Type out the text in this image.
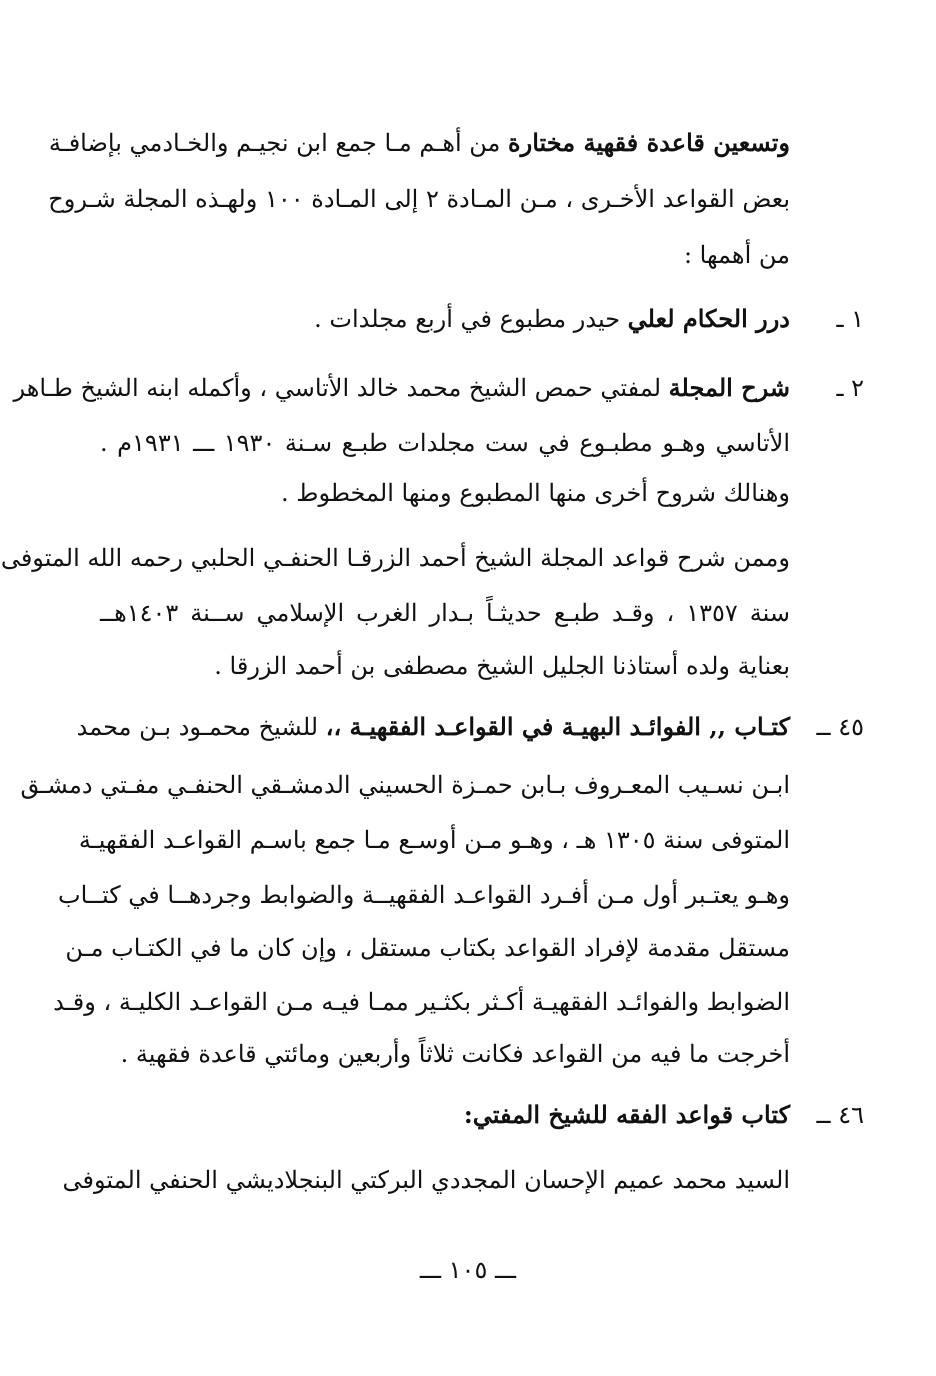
وتسعين قاعدة فقهية مختارة من أهـم مـا جمع ابن نجيـم والخـادمي بإضافـة
بعض القواعد الأخـرى ، مـن المـادة ٢ إلى المـادة ١٠٠ ولهـذه المجلة شـروح
من أهمها :
١ ـ
درر الحكام لعلي حيدر مطبوع في أربع مجلدات .
٢ ـ
شرح المجلة لمفتي حمص الشيخ محمد خالد الأتاسي ، وأكمله ابنه الشيخ طـاهر
الأتاسي وهـو مطبـوع في ست مجلدات طبـع سـنة ١٩٣٠ ـــ ١٩٣١م .
وهنالك شروح أخرى منها المطبوع ومنها المخطوط .
وممن شرح قواعد المجلة الشيخ أحمد الزرقـا الحنفـي الحلبي رحمه الله المتوفى
سنة ١٣٥٧ ، وقـد طبـع حديثـاً بـدار الغرب الإسلامي ســنة ١٤٠٣هــ
بعناية ولده أستاذنا الجليل الشيخ مصطفى بن أحمد الزرقا .
٤٥ ــ
كتـاب ,, الفوائـد البهيـة في القواعـد الفقهيـة ،، للشيخ محمـود بـن محمد
ابـن نسـيب المعـروف بـابن حمـزة الحسيني الدمشـقي الحنفـي مفـتي دمشـق
المتوفى سنة ١٣٠٥ هـ ، وهـو مـن أوسـع مـا جمع باسـم القواعـد الفقهيـة
وهـو يعتـبر أول مـن أفـرد القواعـد الفقهيــة والضوابط وجردهــا في كتــاب
مستقل مقدمة لإفراد القواعد بكتاب مستقل ، وإن كان ما في الكتـاب مـن
الضوابط والفوائـد الفقهيـة أكـثر بكثـير ممـا فيـه مـن القواعـد الكليـة ، وقـد
أخرجت ما فيه من القواعد فكانت ثلاثاً وأربعين ومائتي قاعدة فقهية .
٤٦ ــ
كتاب قواعد الفقه للشيخ المفتي:
السيد محمد عميم الإحسان المجددي البركتي البنجلاديشي الحنفي المتوفى
ـــ ١٠٥ ـــ
